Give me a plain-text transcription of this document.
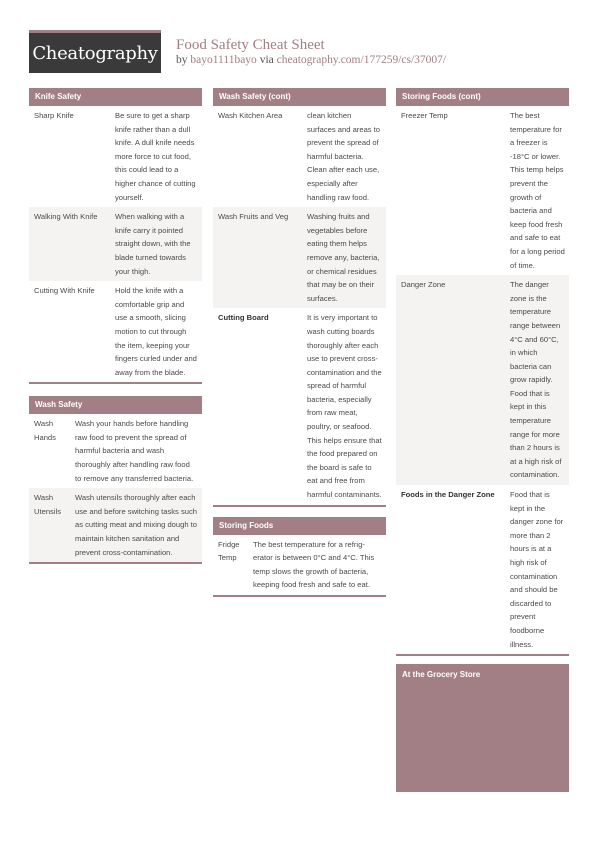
Cheatography Food Safety Cheat Sheet
by bayo1111bayo via cheatography.com/177259/cs/37007/
Knife Safety
Sharp Knife	Be sure to get a sharp knife rather than a dull knife. A dull knife needs more force to cut food, this could lead to a higher chance of cutting yourself.
Walking With Knife	When walking with a knife carry it pointed straight down, with the blade turned towards your thigh.
Cutting With Knife	Hold the knife with a comfortable grip and use a smooth, slicing motion to cut through the item, keeping your fingers curled under and away from the blade.
Wash Safety
Wash Hands	Wash your hands before handling raw food to prevent the spread of harmful bacteria and wash thoroughly after handling raw food to remove any transferred bacteria.
Wash Utensils	Wash utensils thoroughly after each use and before switching tasks such as cutting meat and mixing dough to maintain kitchen sanitation and prevent cross-contamination.
Wash Safety (cont)
Wash Kitchen Area	clean kitchen surfaces and areas to prevent the spread of harmful bacteria. Clean after each use, especially after handling raw food.
Wash Fruits and Veg	Washing fruits and vegetables before eating them helps remove any, bacteria, or chemical residues that may be on their surfaces.
Cutting Board	It is very important to wash cutting boards thoroughly after each use to prevent cross-contamination and the spread of harmful bacteria, especially from raw meat, poultry, or seafood. This helps ensure that the food prepared on the board is safe to eat and free from harmful contaminants.
Storing Foods
Fridge Temp	The best temperature for a refrigerator is between 0°C and 4°C. This temp slows the growth of bacteria, keeping food fresh and safe to eat.
Storing Foods (cont)
Freezer Temp	The best temperature for a freezer is -18°C or lower. This temp helps prevent the growth of bacteria and keep food fresh and safe to eat for a long period of time.
Danger Zone	The danger zone is the temperature range between 4°C and 60°C, in which bacteria can grow rapidly. Food that is kept in this temperature range for more than 2 hours is at a high risk of contamination.
Foods in the Danger Zone	Food that is kept in the danger zone for more than 2 hours is at a high risk of contamination and should be discarded to prevent foodborne illness.
At the Grocery Store
